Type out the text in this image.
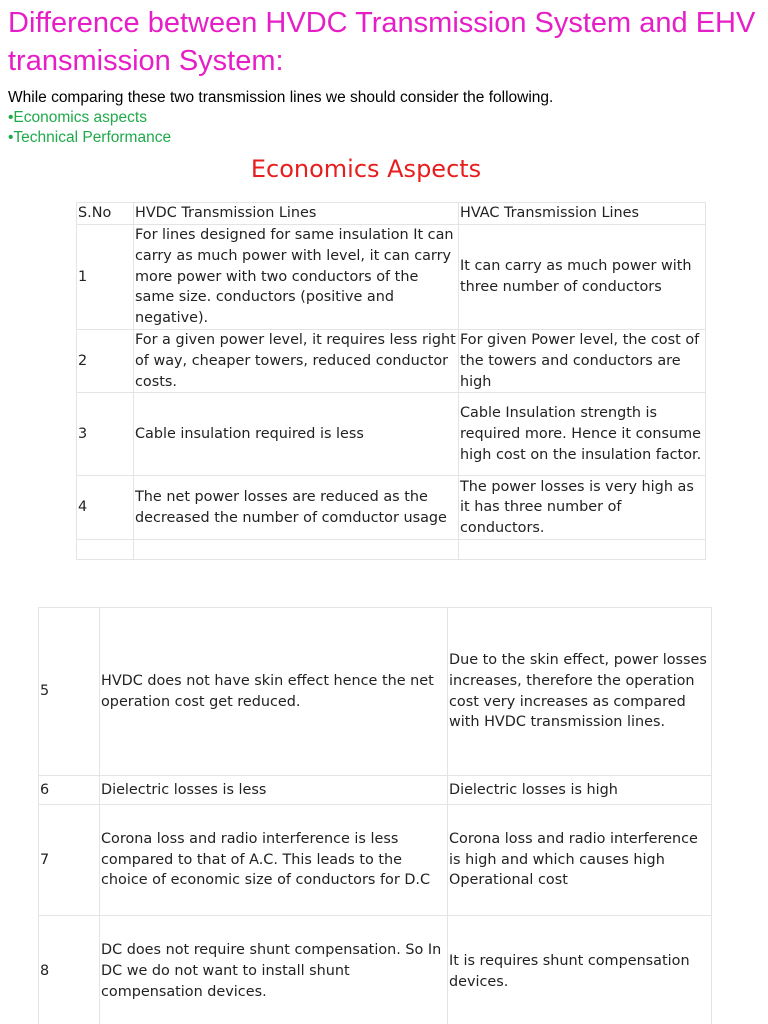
Difference between HVDC Transmission System and EHV transmission System:

While comparing these two transmission lines we should consider the following.

•Economics aspects
•Technical Performance
Economics Aspects
S.No	HVDC Transmission Lines	HVAC Transmission Lines
1	For lines designed for same insulation It can carry as much power with level, it can carry more power with two conductors of the same size. conductors (positive and negative).	It can carry as much power with three number of conductors
2	For a given power level, it requires less right of way, cheaper towers, reduced conductor costs.	For given Power level, the cost of the towers and conductors are high
3	Cable insulation required is less	Cable Insulation strength is required more. Hence it consume high cost on the insulation factor.
4	The net power losses are reduced as the decreased the number of comductor usage	The power losses is very high as it has three number of conductors.

5	HVDC does not have skin effect hence the net operation cost get reduced.	Due to the skin effect, power losses increases, therefore the operation cost very increases as compared with HVDC transmission lines.
6	Dielectric losses is less	Dielectric losses is high
7	Corona loss and radio interference is less compared to that of A.C. This leads to the choice of economic size of conductors for D.C	Corona loss and radio interference is high and which causes high Operational cost
8	DC does not require shunt compensation. So In DC we do not want to install shunt compensation devices.	It is requires shunt compensation devices.
